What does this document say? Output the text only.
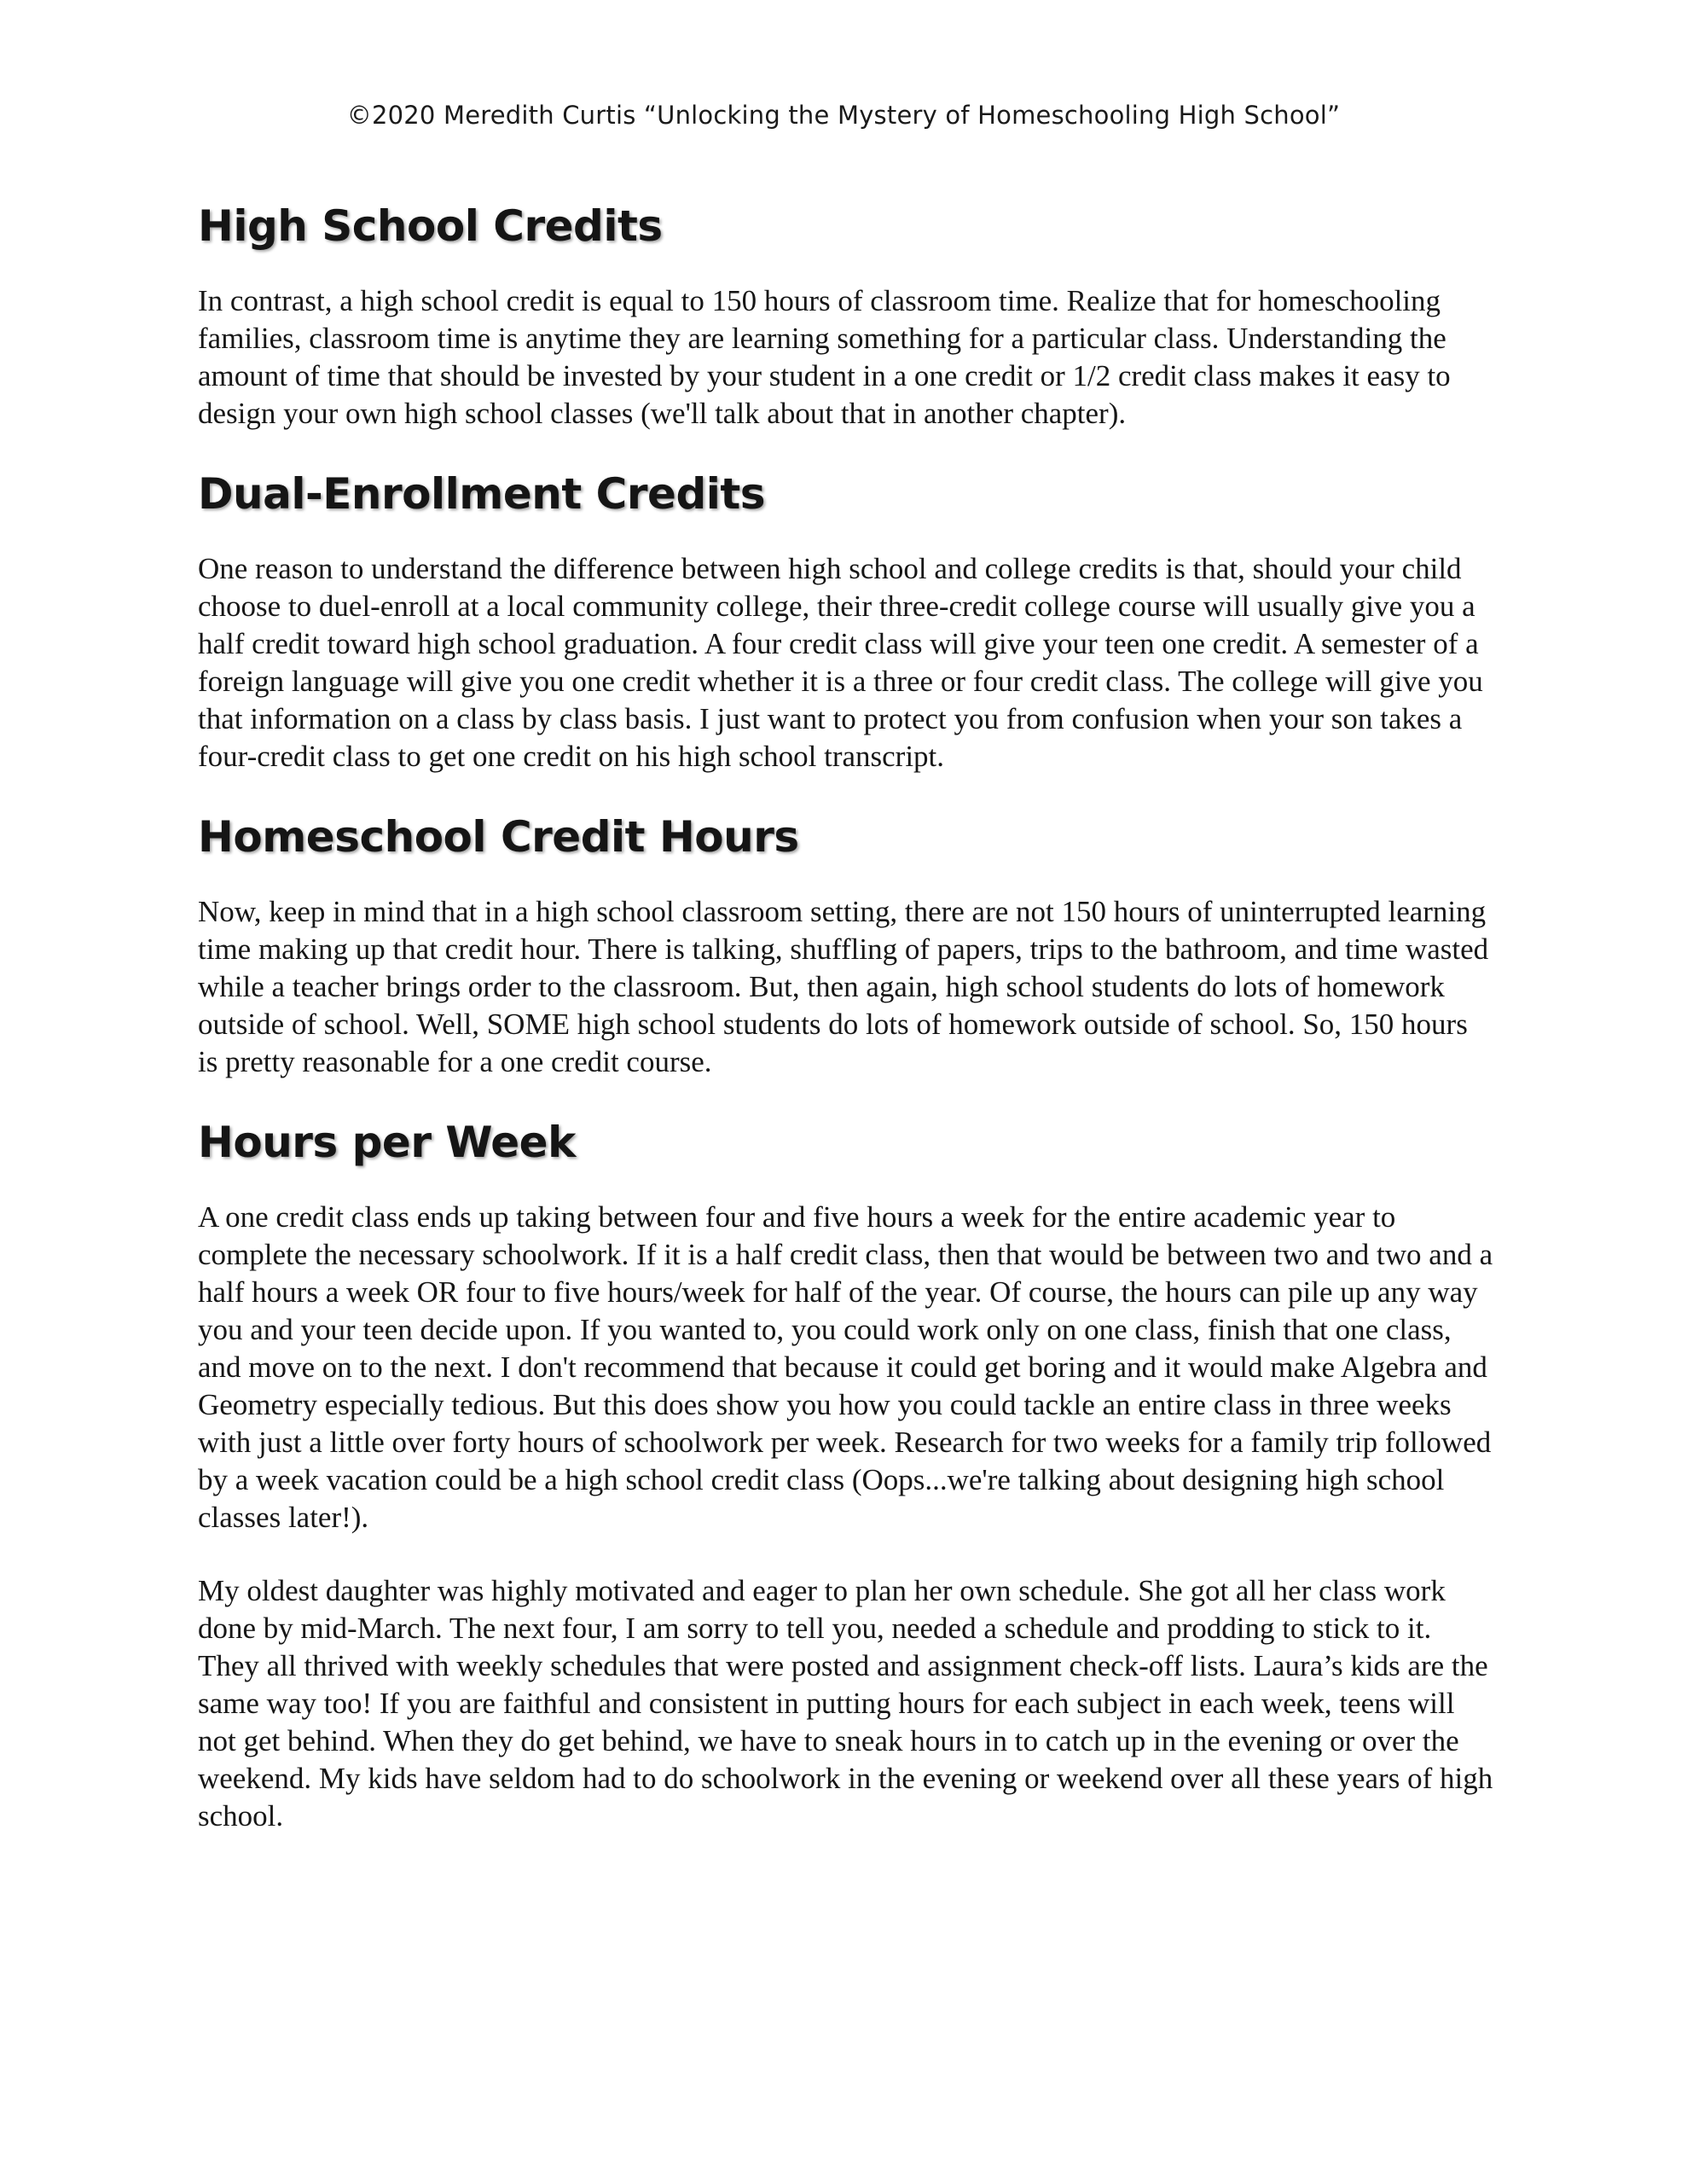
©2020 Meredith Curtis “Unlocking the Mystery of Homeschooling High School”
High School Credits

In contrast, a high school credit is equal to 150 hours of classroom time. Realize that for homeschooling families, classroom time is anytime they are learning something for a particular class. Understanding the amount of time that should be invested by your student in a one credit or 1/2 credit class makes it easy to design your own high school classes (we'll talk about that in another chapter).

Dual-Enrollment Credits

One reason to understand the difference between high school and college credits is that, should your child choose to duel-enroll at a local community college, their three-credit college course will usually give you a half credit toward high school graduation. A four credit class will give your teen one credit. A semester of a foreign language will give you one credit whether it is a three or four credit class. The college will give you that information on a class by class basis. I just want to protect you from confusion when your son takes a four-credit class to get one credit on his high school transcript.

Homeschool Credit Hours

Now, keep in mind that in a high school classroom setting, there are not 150 hours of uninterrupted learning time making up that credit hour. There is talking, shuffling of papers, trips to the bathroom, and time wasted while a teacher brings order to the classroom. But, then again, high school students do lots of homework outside of school. Well, SOME high school students do lots of homework outside of school. So, 150 hours is pretty reasonable for a one credit course.

Hours per Week

A one credit class ends up taking between four and five hours a week for the entire academic year to complete the necessary schoolwork. If it is a half credit class, then that would be between two and two and a half hours a week OR four to five hours/week for half of the year. Of course, the hours can pile up any way you and your teen decide upon. If you wanted to, you could work only on one class, finish that one class, and move on to the next. I don't recommend that because it could get boring and it would make Algebra and Geometry especially tedious. But this does show you how you could tackle an entire class in three weeks with just a little over forty hours of schoolwork per week. Research for two weeks for a family trip followed by a week vacation could be a high school credit class (Oops...we're talking about designing high school classes later!).

My oldest daughter was highly motivated and eager to plan her own schedule. She got all her class work done by mid-March. The next four, I am sorry to tell you, needed a schedule and prodding to stick to it. They all thrived with weekly schedules that were posted and assignment check-off lists. Laura’s kids are the same way too! If you are faithful and consistent in putting hours for each subject in each week, teens will not get behind. When they do get behind, we have to sneak hours in to catch up in the evening or over the weekend. My kids have seldom had to do schoolwork in the evening or weekend over all these years of high school.
